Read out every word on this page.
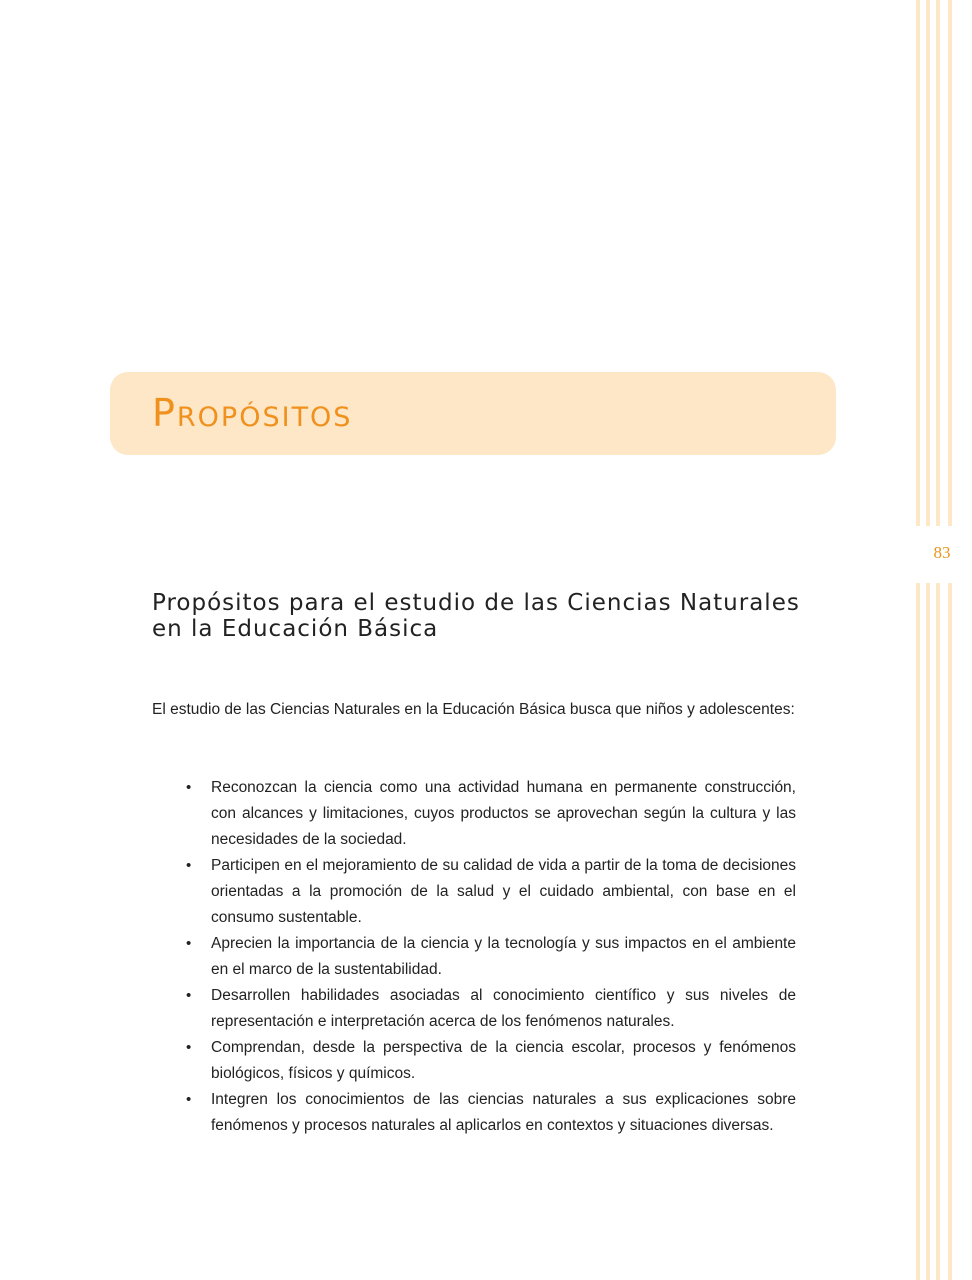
83
Propósitos
Propósitos para el estudio de las Ciencias Naturales en la Educación Básica

El estudio de las Ciencias Naturales en la Educación Básica busca que niños y adolescentes:

• Reconozcan la ciencia como una actividad humana en permanente construcción, con alcances y limitaciones, cuyos productos se aprovechan según la cultura y las necesidades de la sociedad.
• Participen en el mejoramiento de su calidad de vida a partir de la toma de decisiones orientadas a la promoción de la salud y el cuidado ambiental, con base en el consumo sustentable.
• Aprecien la importancia de la ciencia y la tecnología y sus impactos en el ambiente en el marco de la sustentabilidad.
• Desarrollen habilidades asociadas al conocimiento científico y sus niveles de representación e interpretación acerca de los fenómenos naturales.
• Comprendan, desde la perspectiva de la ciencia escolar, procesos y fenómenos biológicos, físicos y químicos.
• Integren los conocimientos de las ciencias naturales a sus explicaciones sobre fenómenos y procesos naturales al aplicarlos en contextos y situaciones diversas.
